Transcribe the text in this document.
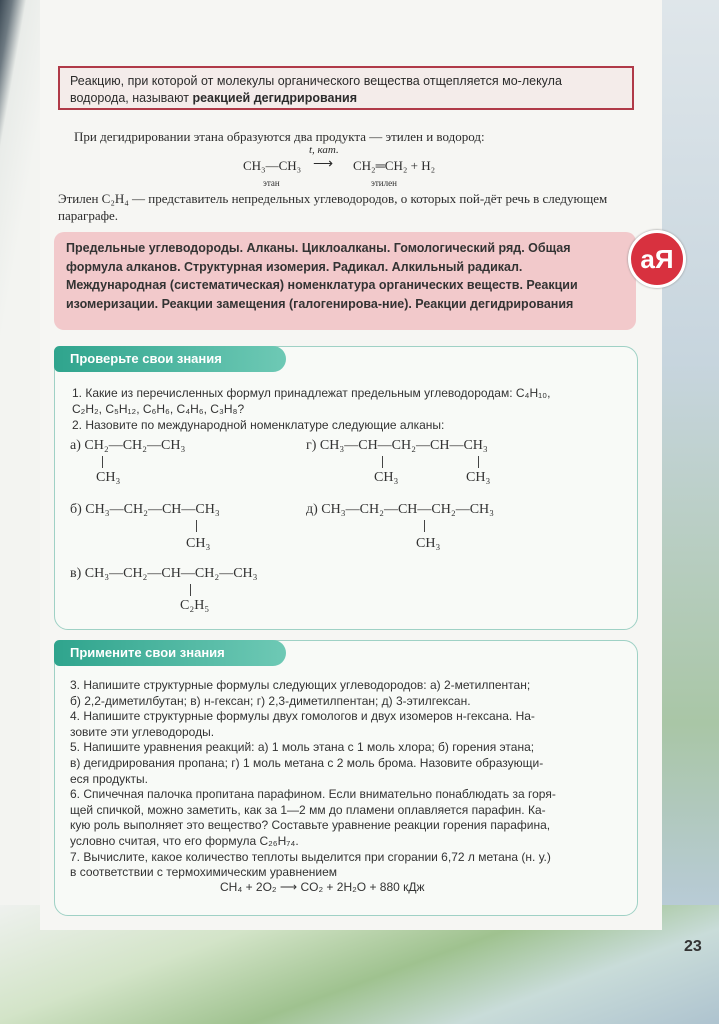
Реакцию, при которой от молекулы органического вещества отщепляется мо-лекула водорода, называют реакцией дегидрирования
При дегидрировании этана образуются два продукта — этилен и водород:
CH₃—CH₃
t, кат.
⟶ CH₂═CH₂ + H₂
этан	этилен
Этилен C₂H₄ — представитель непредельных углеводородов, о которых пой-дёт речь в следующем параграфе.
Предельные углеводороды. Алканы. Циклоалканы. Гомологический ряд. Общая формула алканов. Структурная изомерия. Радикал. Алкильный радикал. Международная (систематическая) номенклатура органических веществ. Реакции изомеризации. Реакции замещения (галогенирова-ние). Реакции дегидрирования
аЯ
Проверьте свои знания
1. Какие из перечисленных формул принадлежат предельным углеводородам: C₄H₁₀,
C₂H₂, C₅H₁₂, C₆H₆, C₄H₆, C₃H₈?
2. Назовите по международной номенклатуре следующие алканы:
а) CH₂—CH₂—CH₃
CH₃
г) CH₃—CH—CH₂—CH—CH₃
CH₃	CH₃
б) CH₃—CH₂—CH—CH₃
CH₃
д) CH₃—CH₂—CH—CH₂—CH₃
CH₃
в) CH₃—CH₂—CH—CH₂—CH₃
C₂H₅
Примените свои знания
3. Напишите структурные формулы следующих углеводородов: а) 2-метилпентан;
б) 2,2-диметилбутан; в) н-гексан; г) 2,3-диметилпентан; д) 3-этилгексан.
4. Напишите структурные формулы двух гомологов и двух изомеров н-гексана. На-
зовите эти углеводороды.
5. Напишите уравнения реакций: а) 1 моль этана с 1 моль хлора; б) горения этана;
в) дегидрирования пропана; г) 1 моль метана с 2 моль брома. Назовите образующи-
еся продукты.
6. Спичечная палочка пропитана парафином. Если внимательно понаблюдать за горя-
щей спичкой, можно заметить, как за 1—2 мм до пламени оплавляется парафин. Ка-
кую роль выполняет это вещество? Составьте уравнение реакции горения парафина,
условно считая, что его формула C₂₆H₇₄.
7. Вычислите, какое количество теплоты выделится при сгорании 6,72 л метана (н. у.)
в соответствии с термохимическим уравнением
CH₄ + 2O₂ ⟶ CO₂ + 2H₂O + 880 кДж
23
